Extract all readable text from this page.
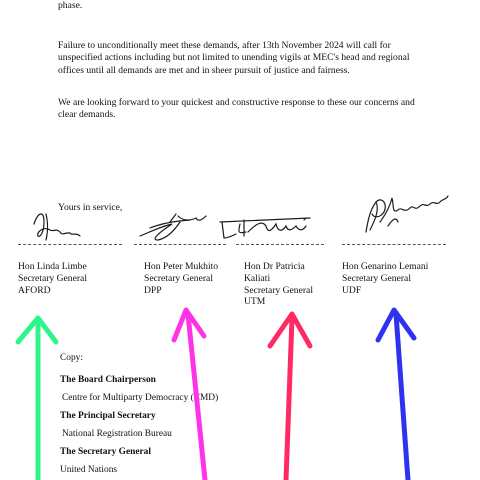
phase.

Failure to unconditionally meet these demands, after 13th November 2024 will call for unspecified actions including but not limited to unending vigils at MEC's head and regional offices until all demands are met and in sheer pursuit of justice and fairness.

We are looking forward to your quickest and constructive response to these our concerns and clear demands.

Yours in service,

Hon Linda Limbe
Secretary General
AFORD
Hon Peter Mukhito
Secretary General
DPP
Hon Dr Patricia
Kaliati
Secretary General
UTM
Hon Genarino Lemani
Secretary General
UDF
Copy:
The Board Chairperson
Centre for Multiparty Democracy (CMD)
The Principal Secretary
National Registration Bureau
The Secretary General
United Nations
